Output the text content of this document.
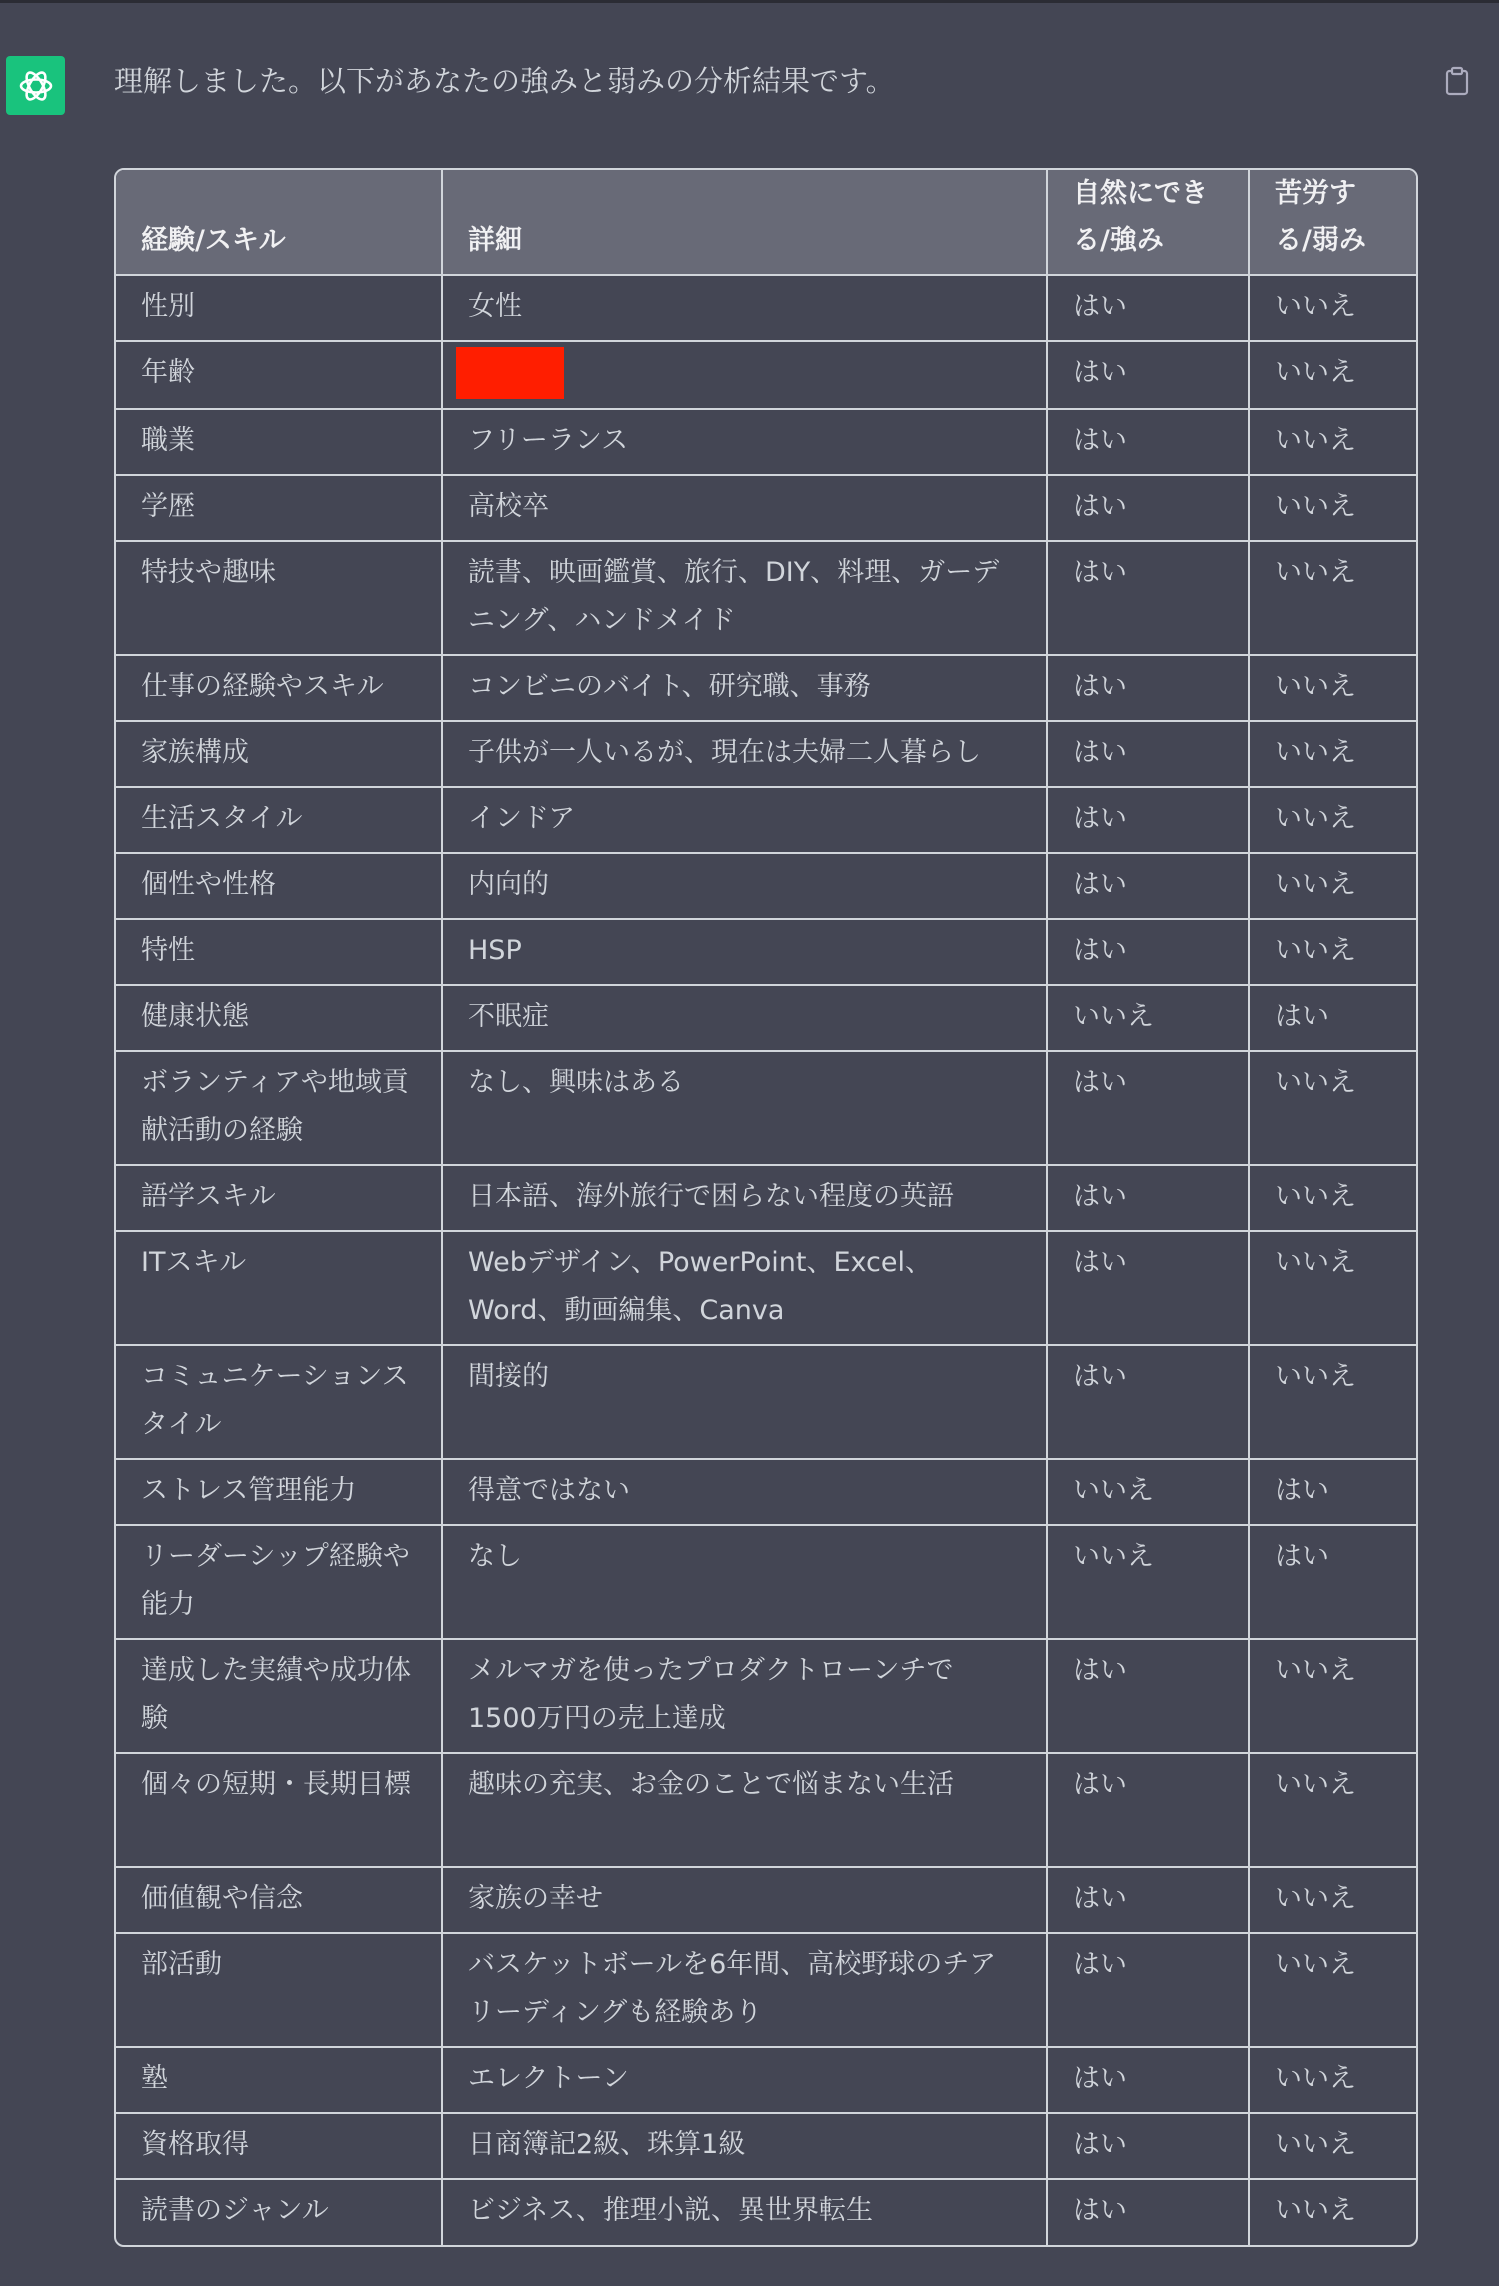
理解しました。以下があなたの強みと弱みの分析結果です。
経験/スキル	詳細	自然にできる/強み	苦労する/弱み
性別	女性	はい	いいえ
年齢		はい	いいえ
職業	フリーランス	はい	いいえ
学歴	高校卒	はい	いいえ
特技や趣味	読書、映画鑑賞、旅行、DIY、料理、ガーデニング、ハンドメイド	はい	いいえ
仕事の経験やスキル	コンビニのバイト、研究職、事務	はい	いいえ
家族構成	子供が一人いるが、現在は夫婦二人暮らし	はい	いいえ
生活スタイル	インドア	はい	いいえ
個性や性格	内向的	はい	いいえ
特性	HSP	はい	いいえ
健康状態	不眠症	いいえ	はい
ボランティアや地域貢献活動の経験	なし、興味はある	はい	いいえ
語学スキル	日本語、海外旅行で困らない程度の英語	はい	いいえ
ITスキル	Webデザイン、PowerPoint、Excel、Word、動画編集、Canva	はい	いいえ
コミュニケーションスタイル	間接的	はい	いいえ
ストレス管理能力	得意ではない	いいえ	はい
リーダーシップ経験や能力	なし	いいえ	はい
達成した実績や成功体験	メルマガを使ったプロダクトローンチで1500万円の売上達成	はい	いいえ
個々の短期・長期目標	趣味の充実、お金のことで悩まない生活	はい	いいえ
価値観や信念	家族の幸せ	はい	いいえ
部活動	バスケットボールを6年間、高校野球のチアリーディングも経験あり	はい	いいえ
塾	エレクトーン	はい	いいえ
資格取得	日商簿記2級、珠算1級	はい	いいえ
読書のジャンル	ビジネス、推理小説、異世界転生	はい	いいえ
